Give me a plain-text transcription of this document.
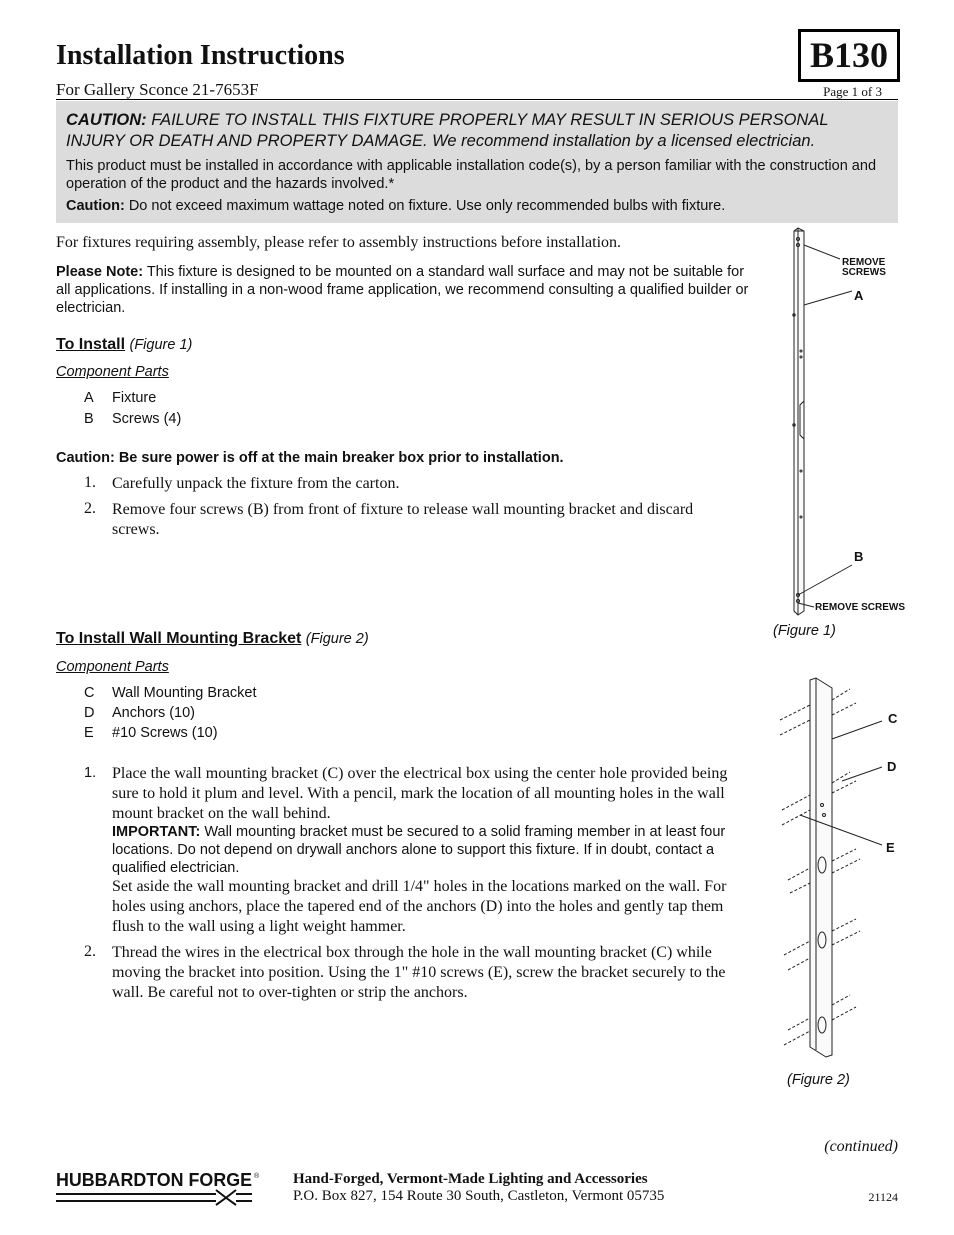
Installation Instructions	B130
For Gallery Sconce 21-7653F	Page 1 of 3
CAUTION: FAILURE TO INSTALL THIS FIXTURE PROPERLY MAY RESULT IN SERIOUS PERSONAL INJURY OR DEATH AND PROPERTY DAMAGE. We recommend installation by a licensed electrician.
This product must be installed in accordance with applicable installation code(s), by a person familiar with the construction and operation of the product and the hazards involved.*
Caution: Do not exceed maximum wattage noted on fixture. Use only recommended bulbs with fixture.
For fixtures requiring assembly, please refer to assembly instructions before installation.
Please Note: This fixture is designed to be mounted on a standard wall surface and may not be suitable for all applications. If installing in a non-wood frame application, we recommend consulting a qualified builder or electrician.
To Install (Figure 1)
Component Parts
A Fixture
B Screws (4)
Caution: Be sure power is off at the main breaker box prior to installation.
1. Carefully unpack the fixture from the carton.
2. Remove four screws (B) from front of fixture to release wall mounting bracket and discard screws.
To Install Wall Mounting Bracket (Figure 2)
Component Parts
C Wall Mounting Bracket
D Anchors (10)
E #10 Screws (10)
1. Place the wall mounting bracket (C) over the electrical box using the center hole provided being sure to hold it plum and level. With a pencil, mark the location of all mounting holes in the wall mount bracket on the wall behind.
IMPORTANT: Wall mounting bracket must be secured to a solid framing member in at least four locations. Do not depend on drywall anchors alone to support this fixture. If in doubt, contact a qualified electrician.
Set aside the wall mounting bracket and drill 1/4" holes in the locations marked on the wall. For holes using anchors, place the tapered end of the anchors (D) into the holes and gently tap them flush to the wall using a light weight hammer.
2. Thread the wires in the electrical box through the hole in the wall mounting bracket (C) while moving the bracket into position. Using the 1" #10 screws (E), screw the bracket securely to the wall. Be careful not to over-tighten or strip the anchors.
REMOVE
SCREWS
A
B
REMOVE SCREWS
(Figure 1)
C
D
E
(Figure 2)
(continued)
HUBBARDTON FORGE ® Hand-Forged, Vermont-Made Lighting and Accessories
P.O. Box 827, 154 Route 30 South, Castleton, Vermont 05735	21124
